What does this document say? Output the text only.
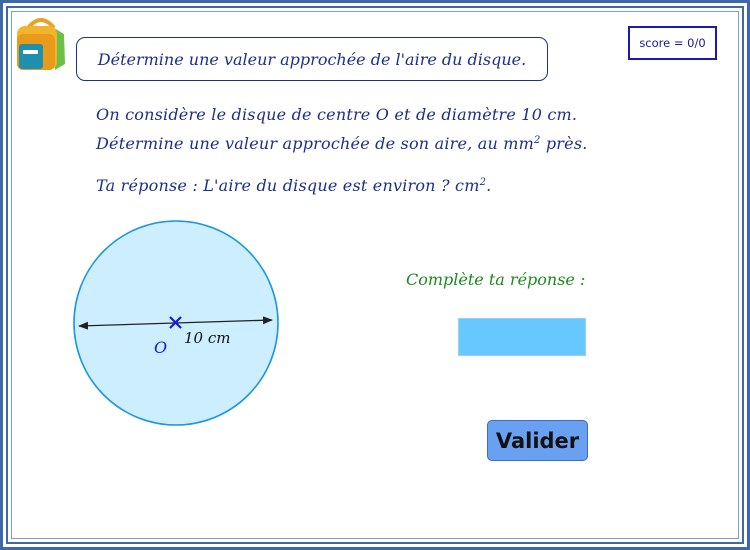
Détermine une valeur approchée de l'aire du disque.
score = 0/0
On considère le disque de centre O et de diamètre 10 cm.
Détermine une valeur approchée de son aire, au $mm^2$ près.
Ta réponse : L'aire du disque est environ ? $cm^2$.
O 10 cm
Complète ta réponse :
Valider
